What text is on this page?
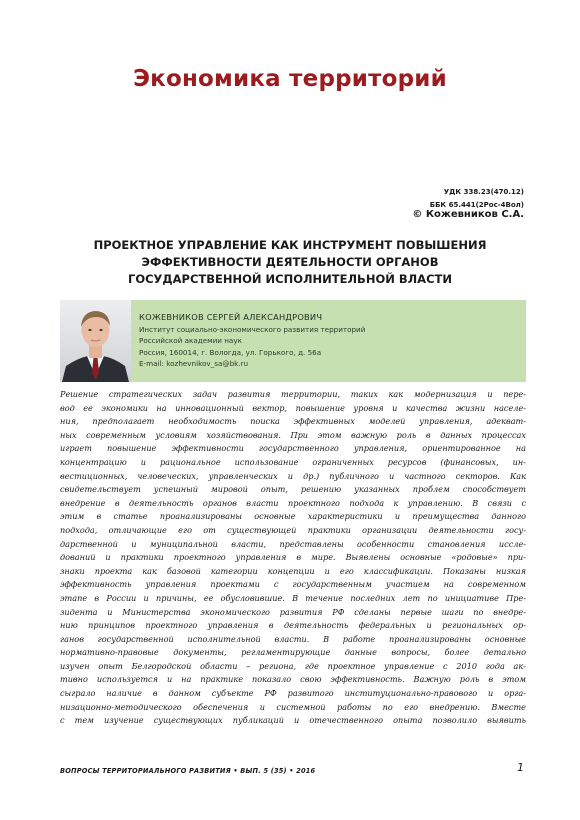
Экономика территорий
УДК 338.23(470.12)
ББК 65.441(2Рос-4Вол)
© Кожевников С.А.
ПРОЕКТНОЕ УПРАВЛЕНИЕ КАК ИНСТРУМЕНТ ПОВЫШЕНИЯ
ЭФФЕКТИВНОСТИ ДЕЯТЕЛЬНОСТИ ОРГАНОВ
ГОСУДАРСТВЕННОЙ ИСПОЛНИТЕЛЬНОЙ ВЛАСТИ
КОЖЕВНИКОВ СЕРГЕЙ АЛЕКСАНДРОВИЧ
Институт социально-экономического развития территорий
Российской академии наук
Россия, 160014, г. Вологда, ул. Горького, д. 56а
E-mail: kozhevnikov_sa@bk.ru

Решение стратегических задач развития территории, таких как модернизация и пере-

вод ее экономики на инновационный вектор, повышение уровня и качества жизни населе-

ния, предполагает необходимость поиска эффективных моделей управления, адекват-

ных современным условиям хозяйствования. При этом важную роль в данных процессах

играет повышение эффективности государственного управления, ориентированное на

концентрацию и рациональное использование ограниченных ресурсов (финансовых, ин-

вестиционных, человеческих, управленческих и др.) публичного и частного секторов. Как

свидетельствует успешный мировой опыт, решению указанных проблем способствует

внедрение в деятельность органов власти проектного подхода к управлению. В связи с

этим в статье проанализированы основные характеристики и преимущества данного

подхода, отличающие его от существующей практики организации деятельности госу-

дарственной и муниципальной власти, представлены особенности становления иссле-

дований и практики проектного управления в мире. Выявлены основные «родовые» при-

знаки проекта как базовой категории концепции и его классификации. Показаны низкая

эффективность управления проектами с государственным участием на современном

этапе в России и причины, ее обусловившие. В течение последних лет по инициативе Пре-

зидента и Министерства экономического развития РФ сделаны первые шаги по внедре-

нию принципов проектного управления в деятельность федеральных и региональных ор-

ганов государственной исполнительной власти. В работе проанализированы основные

нормативно-правовые документы, регламентирующие данные вопросы, более детально

изучен опыт Белгородской области – региона, где проектное управление с 2010 года ак-

тивно используется и на практике показало свою эффективность. Важную роль в этом

сыграло наличие в данном субъекте РФ развитого институционально-правового и орга-

низационно-методического обеспечения и системной работы по его внедрению. Вместе

с тем изучение существующих публикаций и отечественного опыта позволило выявить

ВОПРОСЫ ТЕРРИТОРИАЛЬНОГО РАЗВИТИЯ • ВЫП. 5 (35) • 2016	1
